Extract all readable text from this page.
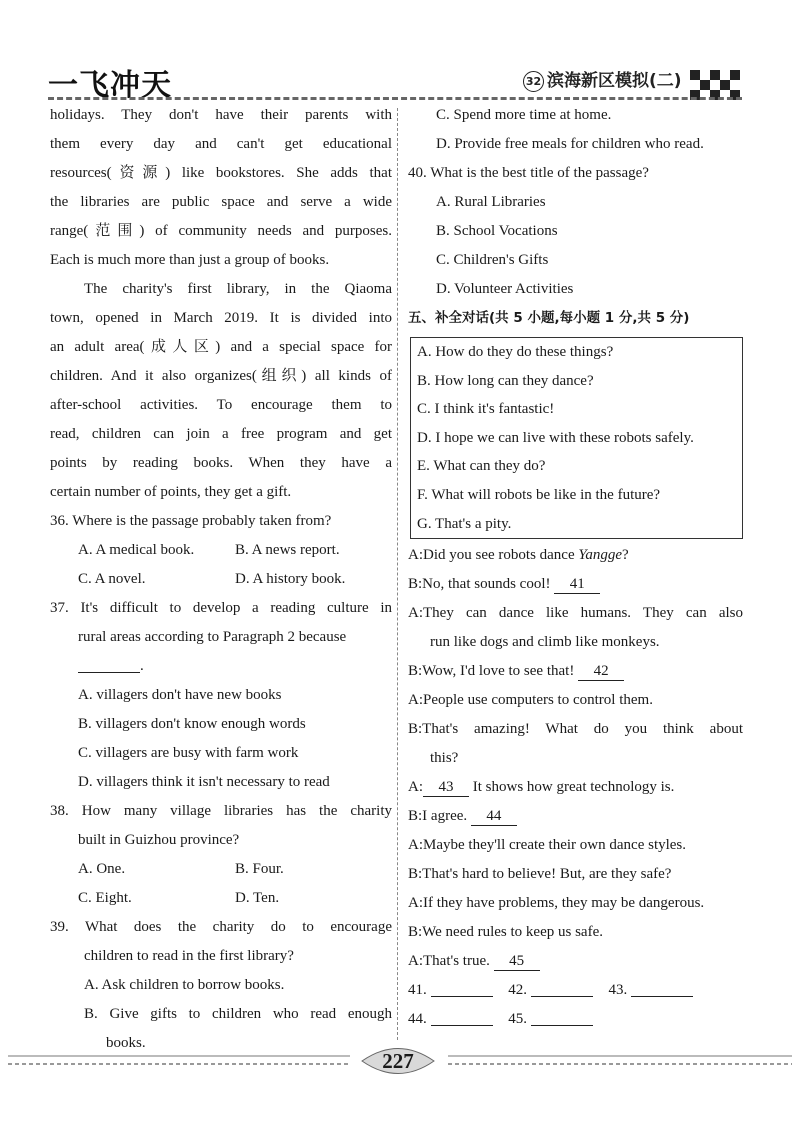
一飞冲天	32 滨海新区模拟(二)
holidays. They don't have their parents with
them every day and can't get educational
resources(资源) like bookstores. She adds that
the libraries are public space and serve a wide
range(范围) of community needs and purposes.
Each is much more than just a group of books.
The charity's first library, in the Qiaoma
town, opened in March 2019. It is divided into
an adult area(成人区) and a special space for
children. And it also organizes(组织) all kinds of
after-school activities. To encourage them to
read, children can join a free program and get
points by reading books. When they have a
certain number of points, they get a gift.
36. Where is the passage probably taken from?
A. A medical book.	B. A news report.
C. A novel.	D. A history book.
37. It's difficult to develop a reading culture in
rural areas according to Paragraph 2 because
.
A. villagers don't have new books
B. villagers don't know enough words
C. villagers are busy with farm work
D. villagers think it isn't necessary to read
38. How many village libraries has the charity
built in Guizhou province?
A. One.	B. Four.
C. Eight.	D. Ten.
39. What does the charity do to encourage
children to read in the first library?
A. Ask children to borrow books.
B. Give gifts to children who read enough
books.
C. Spend more time at home.
D. Provide free meals for children who read.
40. What is the best title of the passage?
A. Rural Libraries
B. School Vocations
C. Children's Gifts
D. Volunteer Activities
五、补全对话(共 5 小题,每小题 1 分,共 5 分)
A. How do they do these things?
B. How long can they dance?
C. I think it's fantastic!
D. I hope we can live with these robots safely.
E. What can they do?
F. What will robots be like in the future?
G. That's a pity.
A:Did you see robots dance Yangge?
B:No, that sounds cool! 41
A:They can dance like humans. They can also
run like dogs and climb like monkeys.
B:Wow, I'd love to see that! 42
A:People use computers to control them.
B:That's amazing! What do you think about
this?
A: 43 It shows how great technology is.
B:I agree. 44
A:Maybe they'll create their own dance styles.
B:That's hard to believe! But, are they safe?
A:If they have problems, they may be dangerous.
B:We need rules to keep us safe.
A:That's true. 45
41.	42.	43.
44.	45.
227
